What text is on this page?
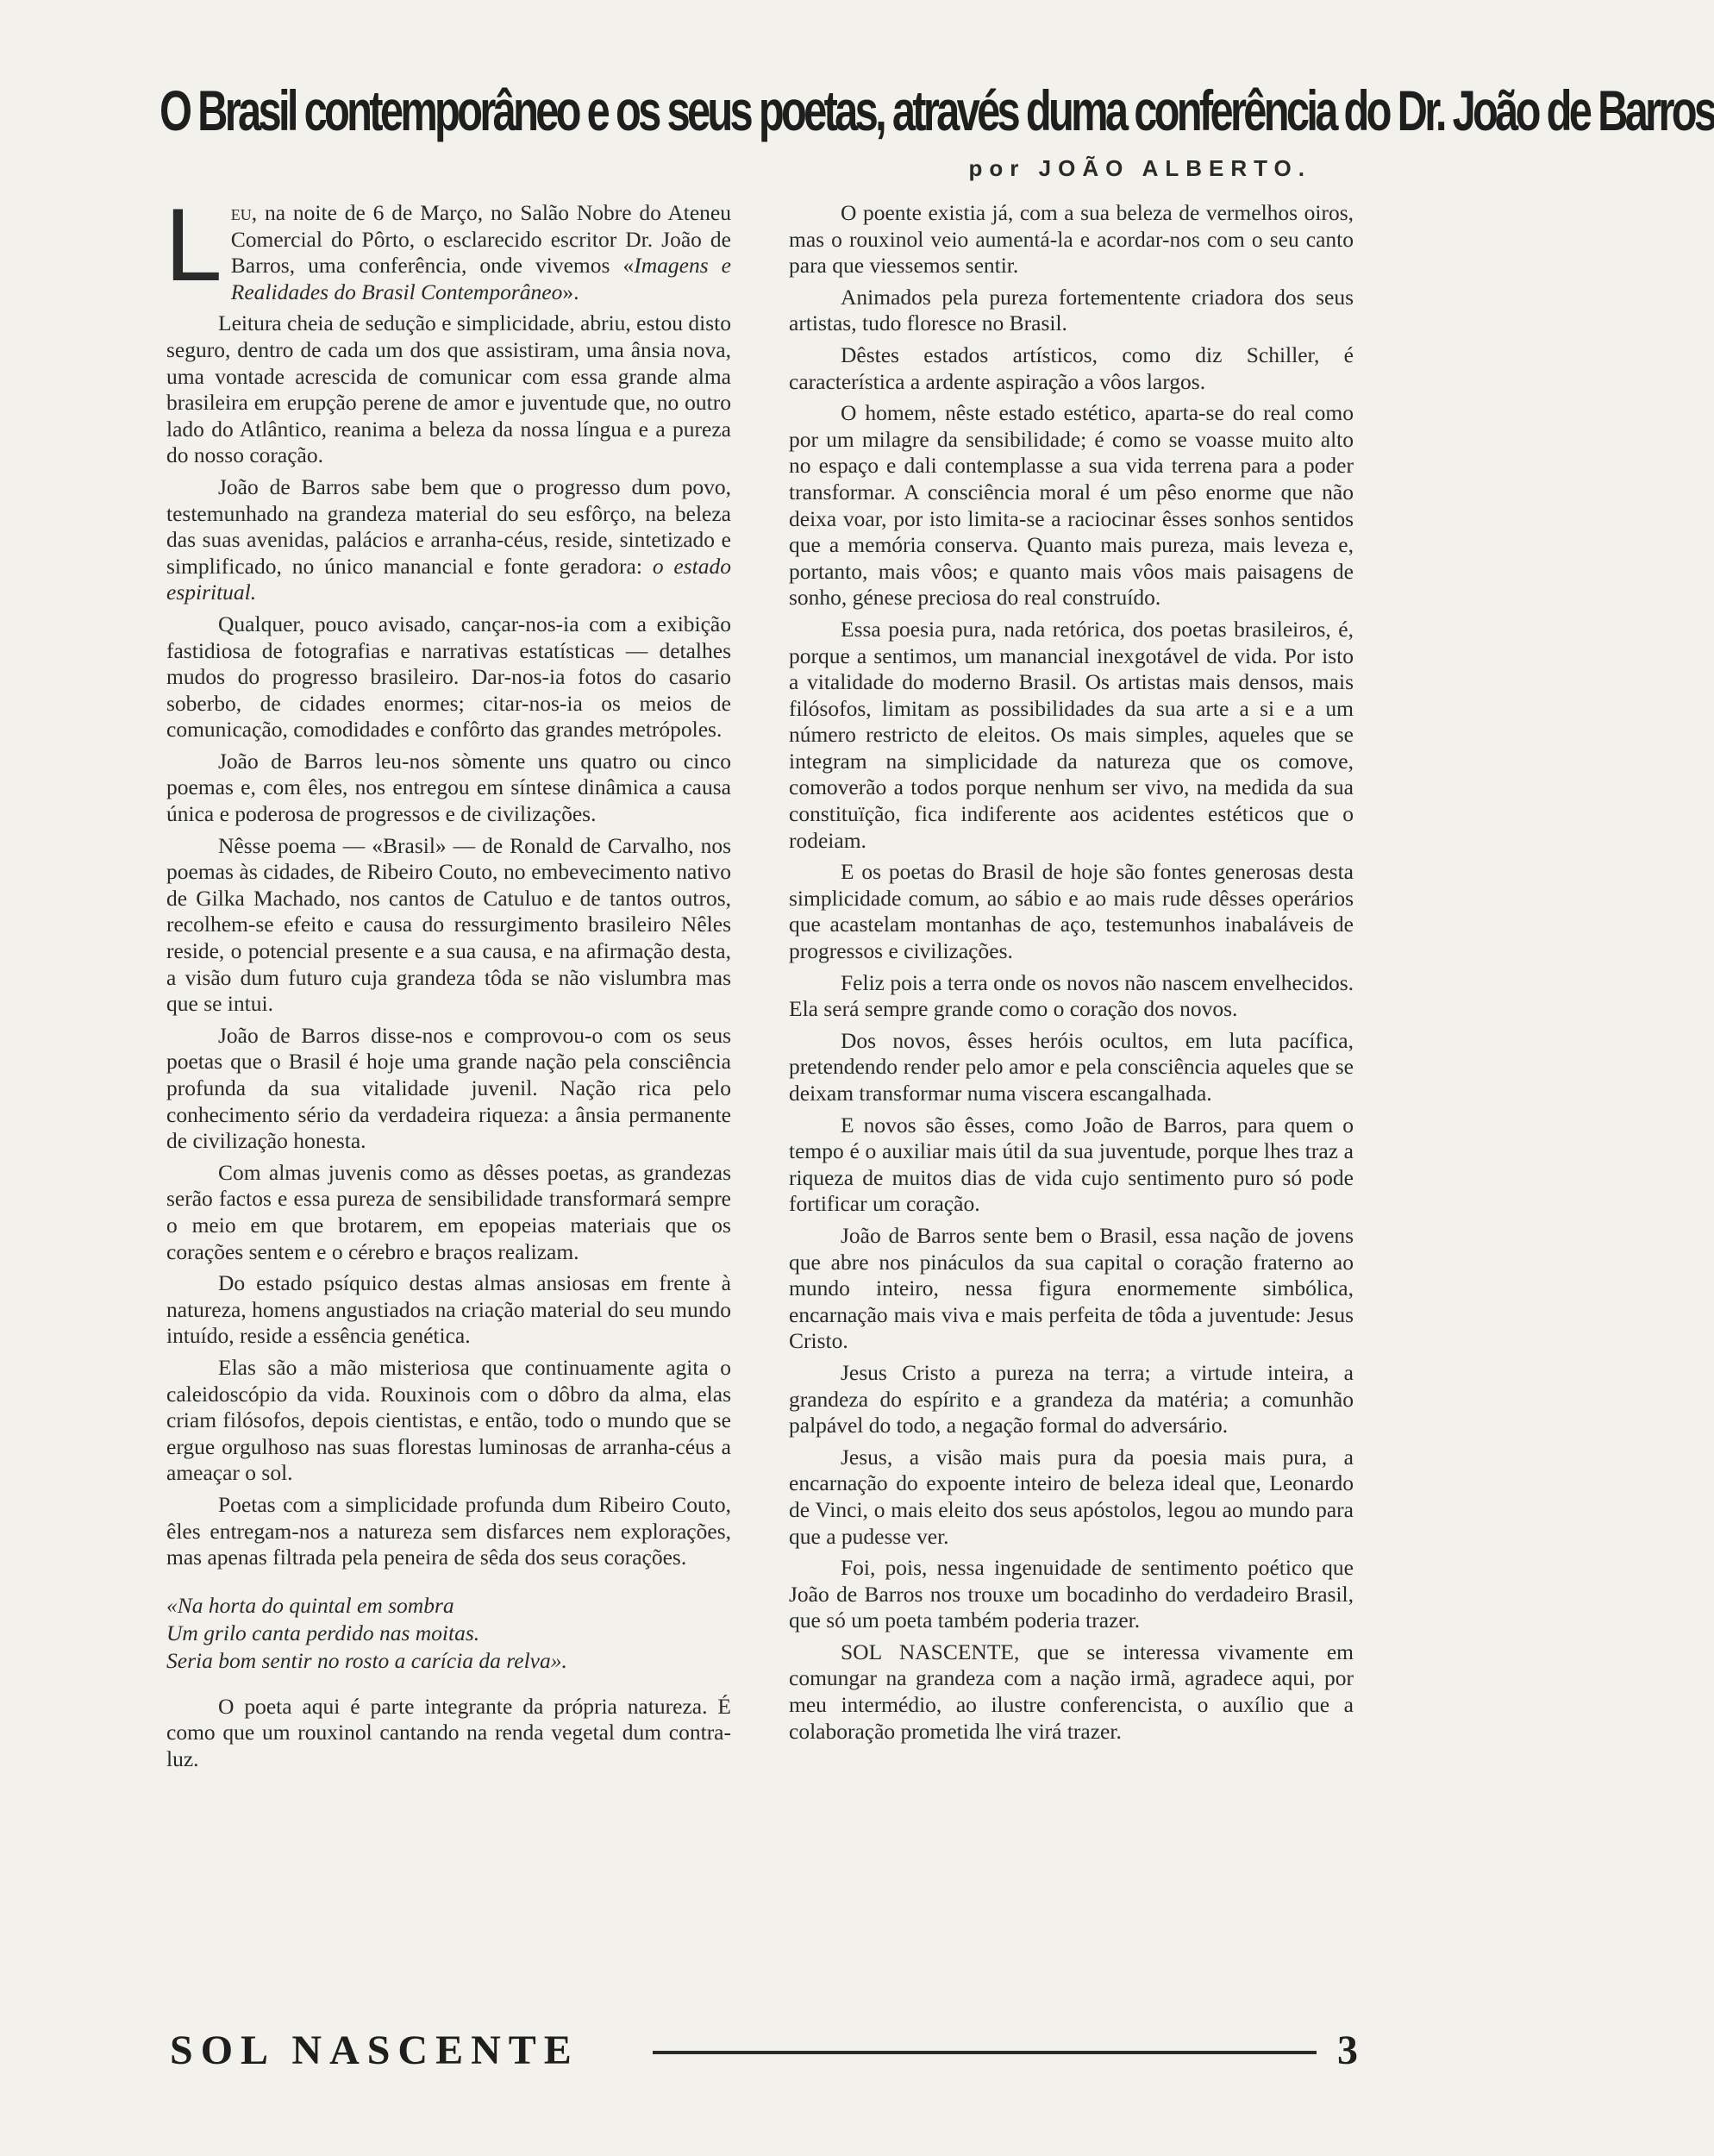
O Brasil contemporâneo e os seus poetas, através duma conferência do Dr. João de Barros
por JOÃO ALBERTO.

Leu, na noite de 6 de Março, no Salão Nobre do Ateneu Comercial do Pôrto, o esclarecido escritor Dr. João de Barros, uma conferência, onde vivemos «Imagens e Realidades do Brasil Contemporâneo».

Leitura cheia de sedução e simplicidade, abriu, estou disto seguro, dentro de cada um dos que assistiram, uma ânsia nova, uma vontade acrescida de comunicar com essa grande alma brasileira em erupção perene de amor e juventude que, no outro lado do Atlântico, reanima a beleza da nossa língua e a pureza do nosso coração.

João de Barros sabe bem que o progresso dum povo, testemunhado na grandeza material do seu esfôrço, na beleza das suas avenidas, palácios e arranha-céus, reside, sintetizado e simplificado, no único manancial e fonte geradora: o estado espiritual.

Qualquer, pouco avisado, cançar-nos-ia com a exibição fastidiosa de fotografias e narrativas estatísticas — detalhes mudos do progresso brasileiro. Dar-nos-ia fotos do casario soberbo, de cidades enormes; citar-nos-ia os meios de comunicação, comodidades e confôrto das grandes metrópoles.

João de Barros leu-nos sòmente uns quatro ou cinco poemas e, com êles, nos entregou em síntese dinâmica a causa única e poderosa de progressos e de civilizações.

Nêsse poema — «Brasil» — de Ronald de Carvalho, nos poemas às cidades, de Ribeiro Couto, no embevecimento nativo de Gilka Machado, nos cantos de Catuluo e de tantos outros, recolhem-se efeito e causa do ressurgimento brasileiro Nêles reside, o potencial presente e a sua causa, e na afirmação desta, a visão dum futuro cuja grandeza tôda se não vislumbra mas que se intui.

João de Barros disse-nos e comprovou-o com os seus poetas que o Brasil é hoje uma grande nação pela consciência profunda da sua vitalidade juvenil. Nação rica pelo conhecimento sério da verdadeira riqueza: a ânsia permanente de civilização honesta.

Com almas juvenis como as dêsses poetas, as grandezas serão factos e essa pureza de sensibilidade transformará sempre o meio em que brotarem, em epopeias materiais que os corações sentem e o cérebro e braços realizam.

Do estado psíquico destas almas ansiosas em frente à natureza, homens angustiados na criação material do seu mundo intuído, reside a essência genética.

Elas são a mão misteriosa que continuamente agita o caleidoscópio da vida. Rouxinois com o dôbro da alma, elas criam filósofos, depois cientistas, e então, todo o mundo que se ergue orgulhoso nas suas florestas luminosas de arranha-céus a ameaçar o sol.

Poetas com a simplicidade profunda dum Ribeiro Couto, êles entregam-nos a natureza sem disfarces nem explorações, mas apenas filtrada pela peneira de sêda dos seus corações.

«Na horta do quintal em sombra
Um grilo canta perdido nas moitas.
Seria bom sentir no rosto a carícia da relva».

O poeta aqui é parte integrante da própria natureza. É como que um rouxinol cantando na renda vegetal dum contra-luz.

O poente existia já, com a sua beleza de vermelhos oiros, mas o rouxinol veio aumentá-la e acordar-nos com o seu canto para que viessemos sentir.

Animados pela pureza fortementente criadora dos seus artistas, tudo floresce no Brasil.

Dêstes estados artísticos, como diz Schiller, é característica a ardente aspiração a vôos largos.

O homem, nêste estado estético, aparta-se do real como por um milagre da sensibilidade; é como se voasse muito alto no espaço e dali contemplasse a sua vida terrena para a poder transformar. A consciência moral é um pêso enorme que não deixa voar, por isto limita-se a raciocinar êsses sonhos sentidos que a memória conserva. Quanto mais pureza, mais leveza e, portanto, mais vôos; e quanto mais vôos mais paisagens de sonho, génese preciosa do real construído.

Essa poesia pura, nada retórica, dos poetas brasileiros, é, porque a sentimos, um manancial inexgotável de vida. Por isto a vitalidade do moderno Brasil. Os artistas mais densos, mais filósofos, limitam as possibilidades da sua arte a si e a um número restricto de eleitos. Os mais simples, aqueles que se integram na simplicidade da natureza que os comove, comoverão a todos porque nenhum ser vivo, na medida da sua constituïção, fica indiferente aos acidentes estéticos que o rodeiam.

E os poetas do Brasil de hoje são fontes generosas desta simplicidade comum, ao sábio e ao mais rude dêsses operários que acastelam montanhas de aço, testemunhos inabaláveis de progressos e civilizações.

Feliz pois a terra onde os novos não nascem envelhecidos. Ela será sempre grande como o coração dos novos.

Dos novos, êsses heróis ocultos, em luta pacífica, pretendendo render pelo amor e pela consciência aqueles que se deixam transformar numa viscera escangalhada.

E novos são êsses, como João de Barros, para quem o tempo é o auxiliar mais útil da sua juventude, porque lhes traz a riqueza de muitos dias de vida cujo sentimento puro só pode fortificar um coração.

João de Barros sente bem o Brasil, essa nação de jovens que abre nos pináculos da sua capital o coração fraterno ao mundo inteiro, nessa figura enormemente simbólica, encarnação mais viva e mais perfeita de tôda a juventude: Jesus Cristo.

Jesus Cristo a pureza na terra; a virtude inteira, a grandeza do espírito e a grandeza da matéria; a comunhão palpável do todo, a negação formal do adversário.

Jesus, a visão mais pura da poesia mais pura, a encarnação do expoente inteiro de beleza ideal que, Leonardo de Vinci, o mais eleito dos seus apóstolos, legou ao mundo para que a pudesse ver.

Foi, pois, nessa ingenuidade de sentimento poético que João de Barros nos trouxe um bocadinho do verdadeiro Brasil, que só um poeta também poderia trazer.

SOL NASCENTE, que se interessa vivamente em comungar na grandeza com a nação irmã, agradece aqui, por meu intermédio, ao ilustre conferencista, o auxílio que a colaboração prometida lhe virá trazer.

SOL NASCENTE	3
